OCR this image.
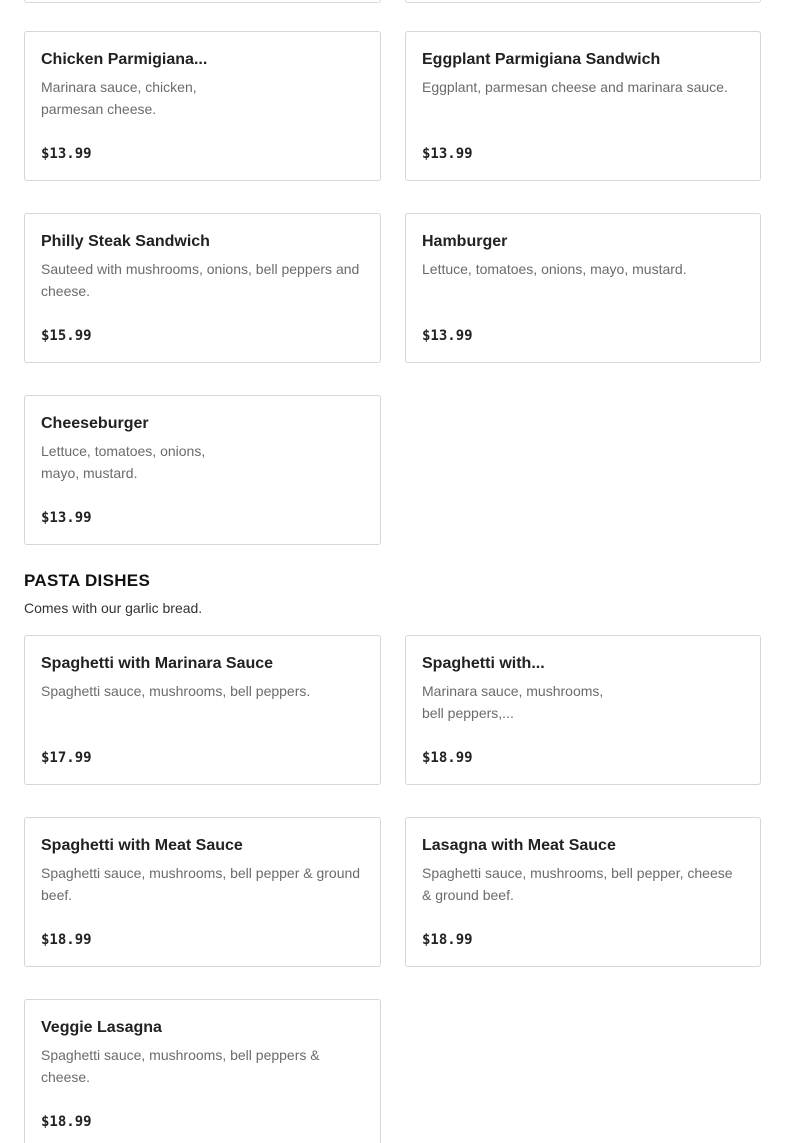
Chicken Parmigiana...
Marinara sauce, chicken, parmesan cheese.
$13.99
Eggplant Parmigiana Sandwich
Eggplant, parmesan cheese and marinara sauce.
$13.99
Philly Steak Sandwich
Sauteed with mushrooms, onions, bell peppers and cheese.
$15.99
Hamburger
Lettuce, tomatoes, onions, mayo, mustard.
$13.99
Cheeseburger
Lettuce, tomatoes, onions, mayo, mustard.
$13.99
PASTA DISHES
Comes with our garlic bread.
Spaghetti with Marinara Sauce
Spaghetti sauce, mushrooms, bell peppers.
$17.99
Spaghetti with...
Marinara sauce, mushrooms, bell peppers,...
$18.99
Spaghetti with Meat Sauce
Spaghetti sauce, mushrooms, bell pepper & ground beef.
$18.99
Lasagna with Meat Sauce
Spaghetti sauce, mushrooms, bell pepper, cheese & ground beef.
$18.99
Veggie Lasagna
Spaghetti sauce, mushrooms, bell peppers & cheese.
$18.99
